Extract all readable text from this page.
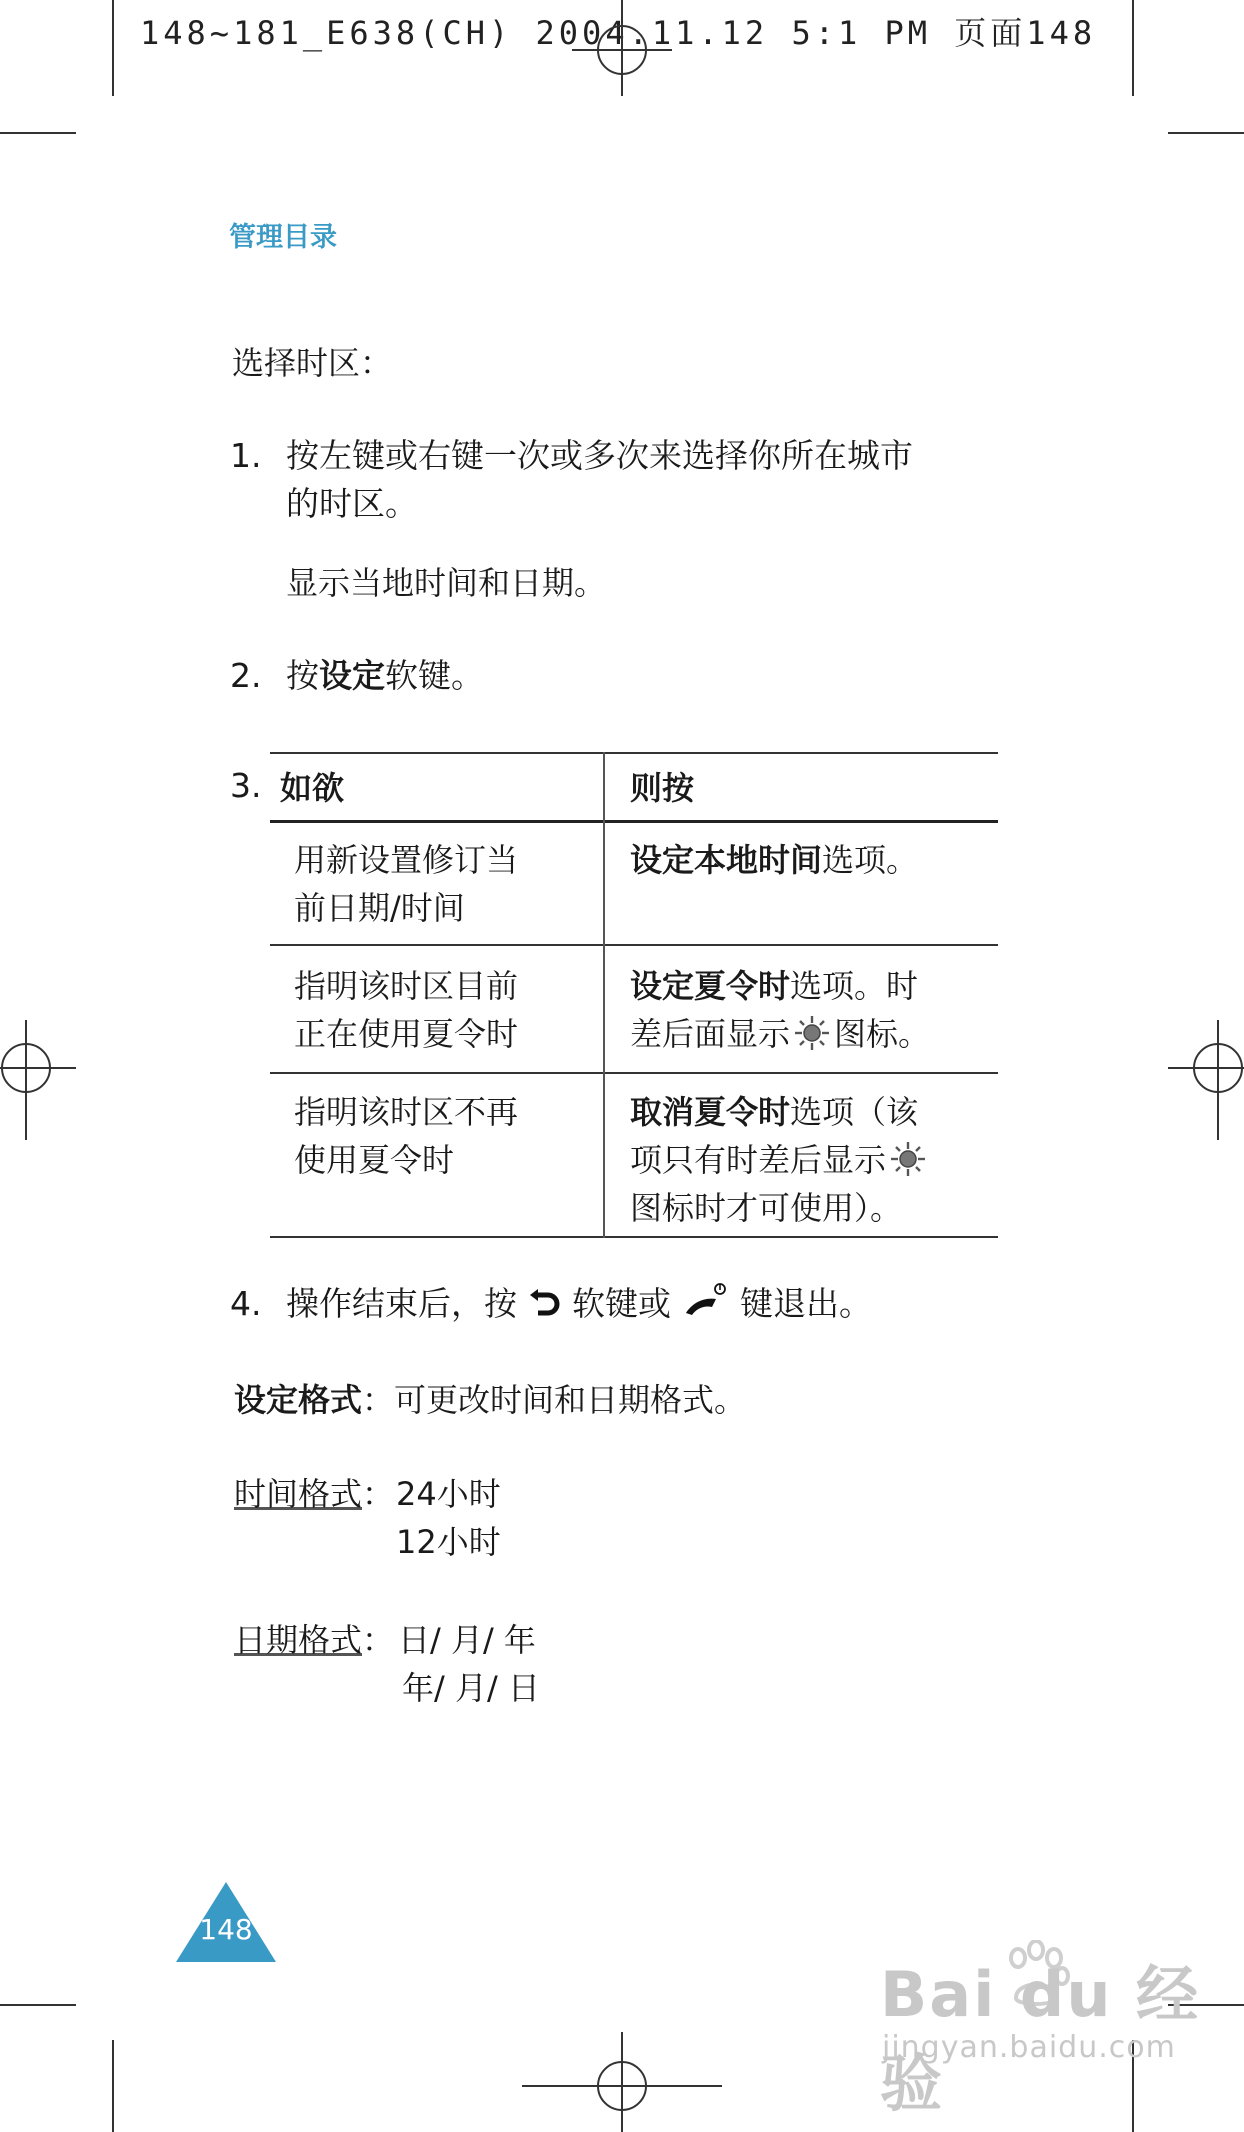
148~181_E638(CH) 2004.11.12 5:1 PM 页面148
管理目录
选择时区：
1. 按左键或右键一次或多次来选择你所在城市
的时区。
显示当地时间和日期。
2. 按设定软键。
3. 如欲	则按
用新设置修订当
前日期/时间
设定本地时间选项。
指明该时区目前
正在使用夏令时
设定夏令时选项。时
差后面显示 图标。
指明该时区不再
使用夏令时
取消夏令时选项（该
项只有时差后显示
图标时才可使用）。
4. 操作结束后，按 软键或 键退出。
设定格式：可更改时间和日期格式。
时间格式 ： 24小时
12小时
日期格式 ： 日/ 月/ 年
年/ 月/ 日
148
Bai du 经验
jingyan.baidu.com
